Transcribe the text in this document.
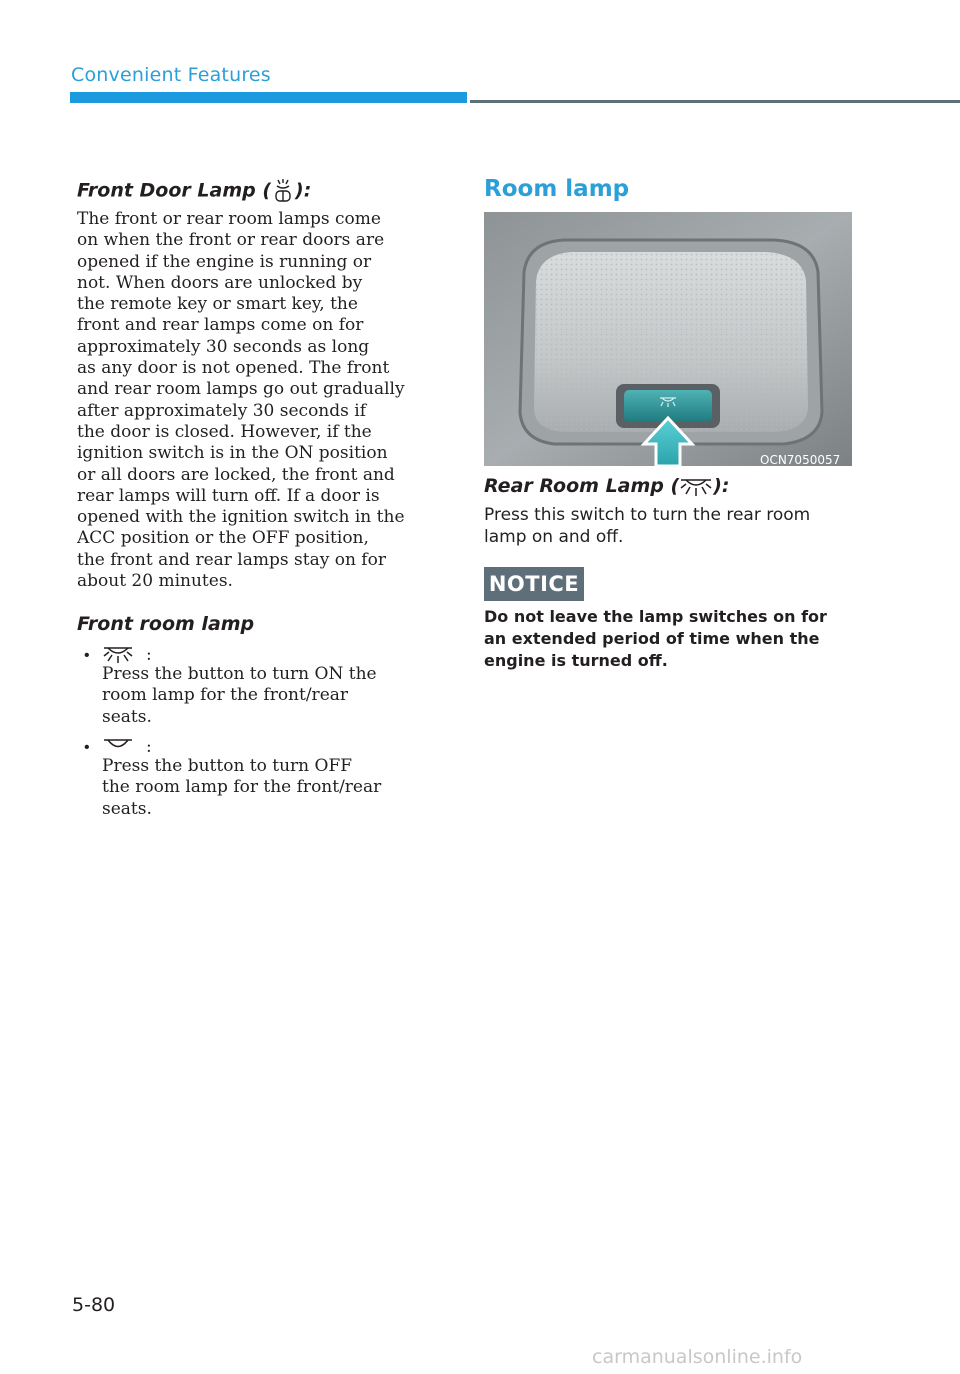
Convenient Features
Front Door Lamp ( ):
The front or rear room lamps come
on when the front or rear doors are
opened if the engine is running or
not. When doors are unlocked by
the remote key or smart key, the
front and rear lamps come on for
approximately 30 seconds as long
as any door is not opened. The front
and rear room lamps go out gradually
after approximately 30 seconds if
the door is closed. However, if the
ignition switch is in the ON position
or all doors are locked, the front and
rear lamps will turn off. If a door is
opened with the ignition switch in the
ACC position or the OFF position,
the front and rear lamps stay on for
about 20 minutes.
Front room lamp
•	:
Press the button to turn ON the
room lamp for the front/rear
seats.
•	:
Press the button to turn OFF
the room lamp for the front/rear
seats.
Room lamp
OCN7050057
Rear Room Lamp ( ):
Press this switch to turn the rear room
lamp on and off.
NOTICE
Do not leave the lamp switches on for
an extended period of time when the
engine is turned off.
5-80
carmanualsonline.info
